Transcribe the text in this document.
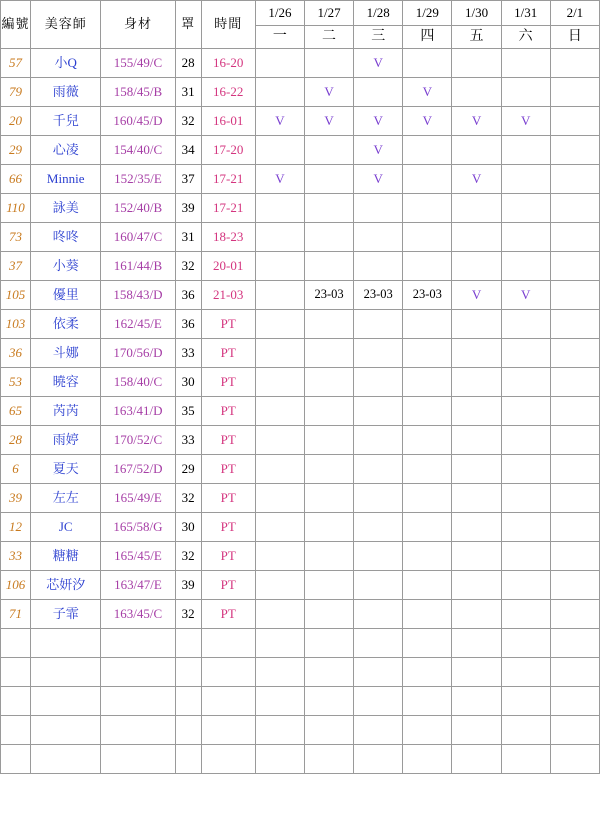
編號	美容師	身材	罩	時間	1/26	1/27	1/28	1/29	1/30	1/31	2/1
					一	二	三	四	五	六	日
57	小Q	155/49/C	28	16-20			V				
79	雨薇	158/45/B	31	16-22		V		V			
20	千兒	160/45/D	32	16-01	V	V	V	V	V	V	
29	心凌	154/40/C	34	17-20			V				
66	Minnie	152/35/E	37	17-21	V		V		V		
110	詠美	152/40/B	39	17-21							
73	咚咚	160/47/C	31	18-23							
37	小葵	161/44/B	32	20-01							
105	優里	158/43/D	36	21-03		23-03	23-03	23-03	V	V	
103	依柔	162/45/E	36	PT							
36	斗娜	170/56/D	33	PT							
53	曉容	158/40/C	30	PT							
65	芮芮	163/41/D	35	PT							
28	雨婷	170/52/C	33	PT							
6	夏天	167/52/D	29	PT							
39	左左	165/49/E	32	PT							
12	JC	165/58/G	30	PT							
33	糖糖	165/45/E	32	PT							
106	芯妍汐	163/47/E	39	PT							
71	子霏	163/45/C	32	PT							
